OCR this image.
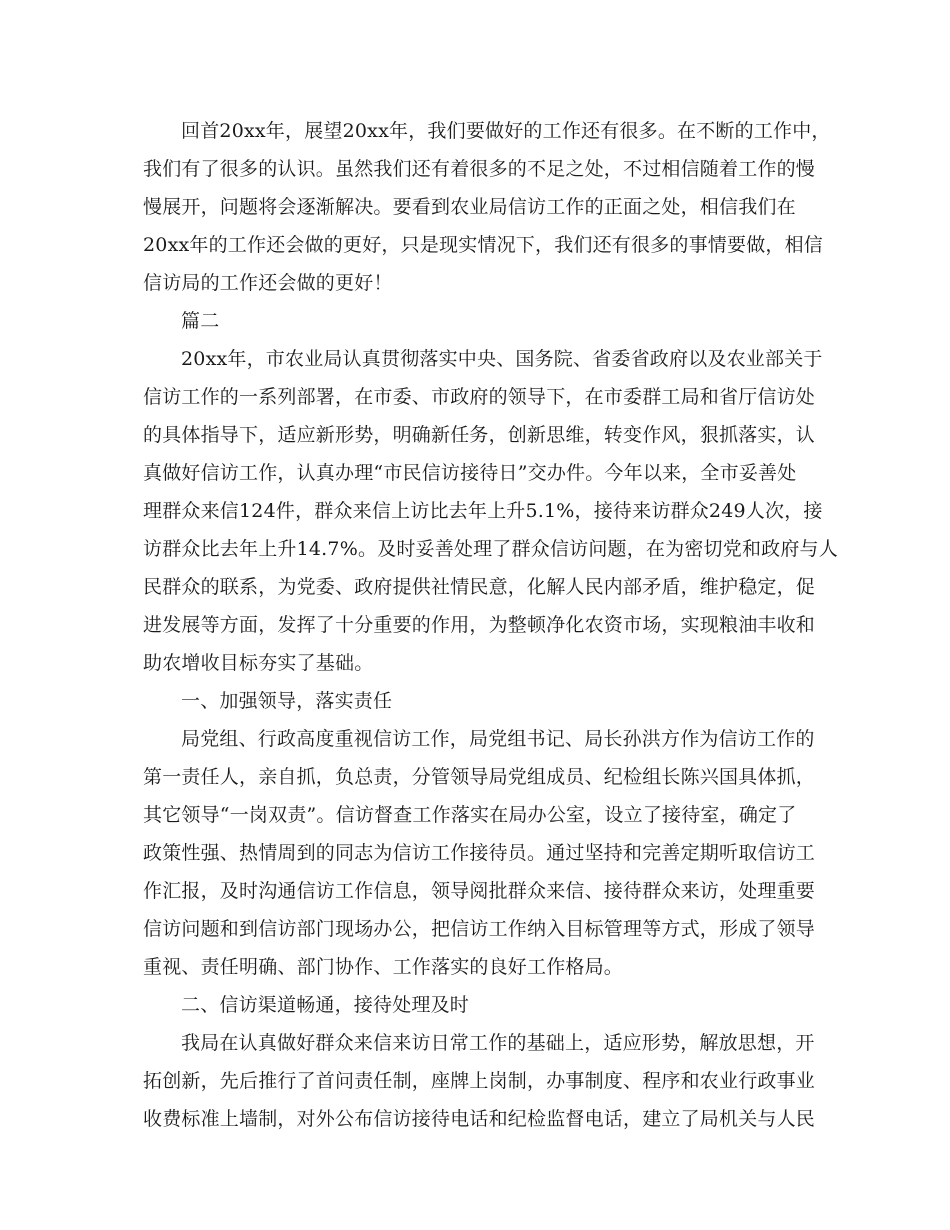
回首20xx年，展望20xx年，我们要做好的工作还有很多。在不断的工作中，
我们有了很多的认识。虽然我们还有着很多的不足之处，不过相信随着工作的慢
慢展开，问题将会逐渐解决。要看到农业局信访工作的正面之处，相信我们在
20xx年的工作还会做的更好，只是现实情况下，我们还有很多的事情要做，相信
信访局的工作还会做的更好！
篇二
20xx年，市农业局认真贯彻落实中央、国务院、省委省政府以及农业部关于
信访工作的一系列部署，在市委、市政府的领导下，在市委群工局和省厅信访处
的具体指导下，适应新形势，明确新任务，创新思维，转变作风，狠抓落实，认
真做好信访工作，认真办理“市民信访接待日”交办件。今年以来，全市妥善处
理群众来信124件，群众来信上访比去年上升5.1%，接待来访群众249人次，接
访群众比去年上升14.7%。及时妥善处理了群众信访问题，在为密切党和政府与人
民群众的联系，为党委、政府提供社情民意，化解人民内部矛盾，维护稳定，促
进发展等方面，发挥了十分重要的作用，为整顿净化农资市场，实现粮油丰收和
助农增收目标夯实了基础。
一、加强领导，落实责任
局党组、行政高度重视信访工作，局党组书记、局长孙洪方作为信访工作的
第一责任人，亲自抓，负总责，分管领导局党组成员、纪检组长陈兴国具体抓，
其它领导“一岗双责”。信访督查工作落实在局办公室，设立了接待室，确定了
政策性强、热情周到的同志为信访工作接待员。通过坚持和完善定期听取信访工
作汇报，及时沟通信访工作信息，领导阅批群众来信、接待群众来访，处理重要
信访问题和到信访部门现场办公，把信访工作纳入目标管理等方式，形成了领导
重视、责任明确、部门协作、工作落实的良好工作格局。
二、信访渠道畅通，接待处理及时
我局在认真做好群众来信来访日常工作的基础上，适应形势，解放思想，开
拓创新，先后推行了首问责任制，座牌上岗制，办事制度、程序和农业行政事业
收费标准上墙制，对外公布信访接待电话和纪检监督电话，建立了局机关与人民
